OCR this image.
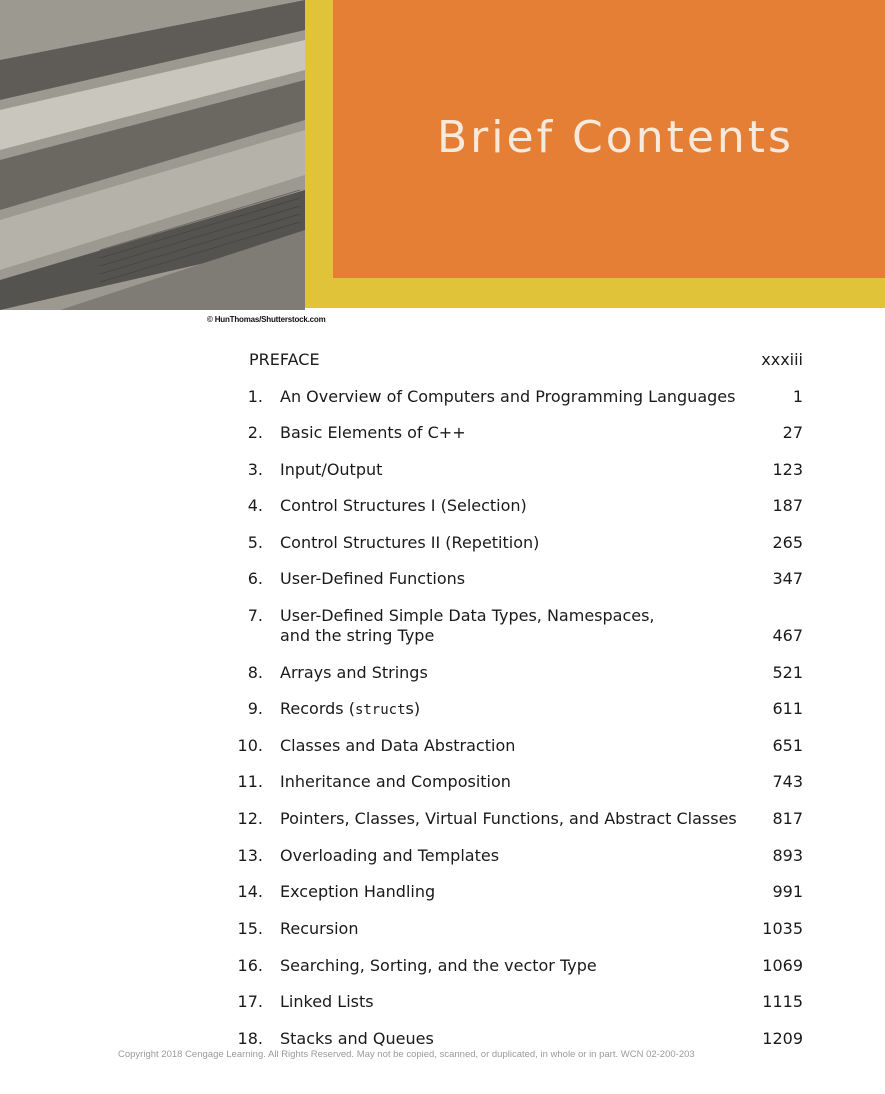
Brief Contents
© HunThomas/Shutterstock.com
PREFACE	xxxiii
1. An Overview of Computers and Programming Languages	1
2. Basic Elements of C++	27
3. Input/Output	123
4. Control Structures I (Selection)	187
5. Control Structures II (Repetition)	265
6. User-Defined Functions	347
7. User-Defined Simple Data Types, Namespaces,
and the string Type	467
8. Arrays and Strings	521
9. Records (structs)	611
10. Classes and Data Abstraction	651
11. Inheritance and Composition	743
12. Pointers, Classes, Virtual Functions, and Abstract Classes 817
13. Overloading and Templates	893
14. Exception Handling	991
15. Recursion	1035
16. Searching, Sorting, and the vector Type	1069
17. Linked Lists	1115
18. Stacks and Queues	1209
Copyright 2018 Cengage Learning. All Rights Reserved. May not be copied, scanned, or duplicated, in whole or in part. WCN 02-200-203
